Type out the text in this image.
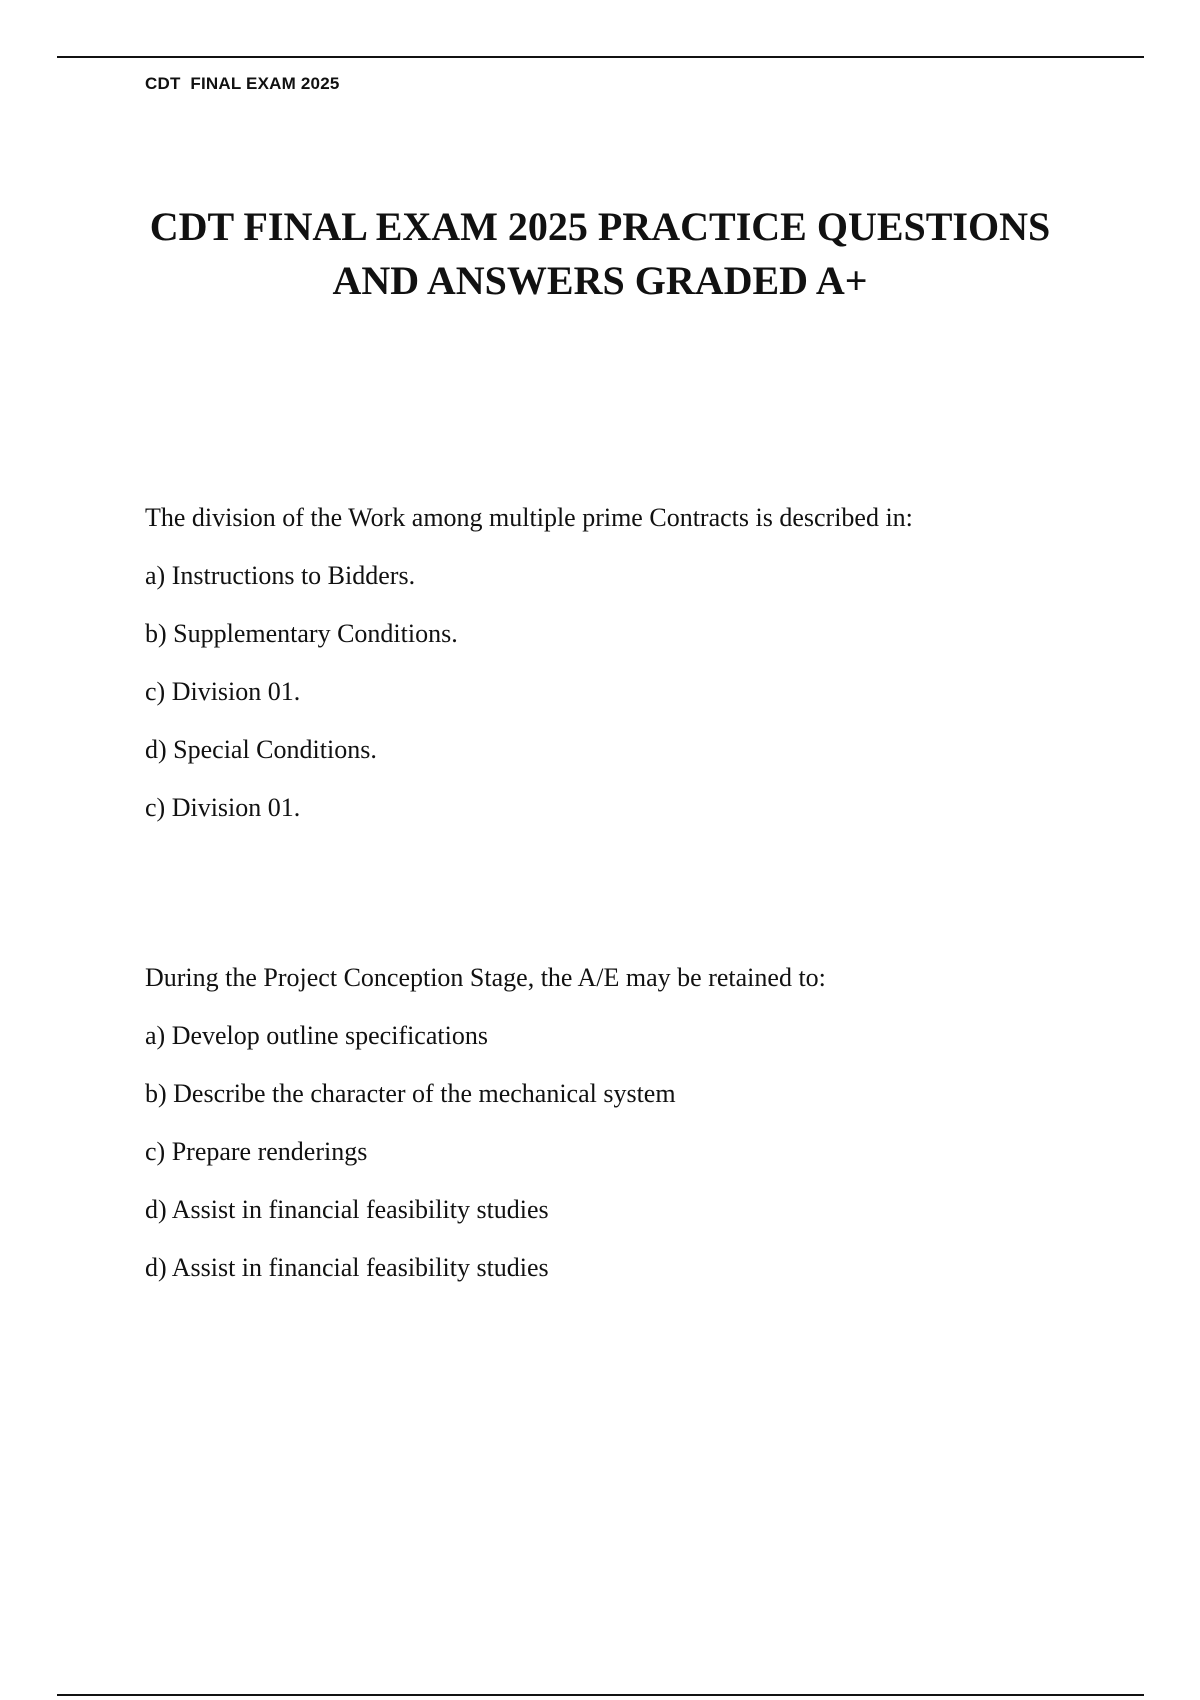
CDT  FINAL EXAM 2025
CDT FINAL EXAM 2025 PRACTICE QUESTIONS
AND ANSWERS GRADED A+
The division of the Work among multiple prime Contracts is described in:
a) Instructions to Bidders.
b) Supplementary Conditions.
c) Division 01.
d) Special Conditions.
c) Division 01.
During the Project Conception Stage, the A/E may be retained to:
a) Develop outline specifications
b) Describe the character of the mechanical system
c) Prepare renderings
d) Assist in financial feasibility studies
d) Assist in financial feasibility studies
